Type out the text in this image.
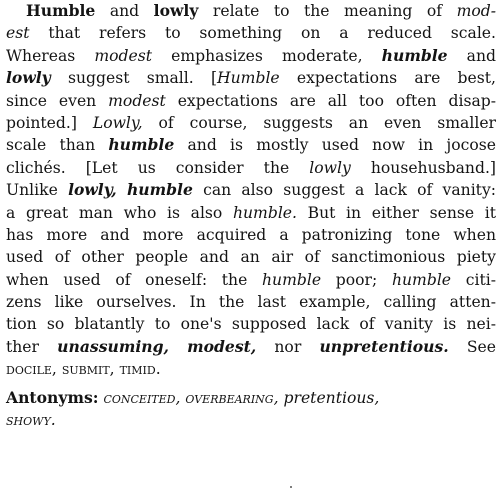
Humble and lowly relate to the meaning of mod-
est that refers to something on a reduced scale.
Whereas modest emphasizes moderate, humble and
lowly suggest small. [Humble expectations are best,
since even modest expectations are all too often disap-
pointed.] Lowly, of course, suggests an even smaller
scale than humble and is mostly used now in jocose
clichés. [Let us consider the lowly househusband.]
Unlike lowly, humble can also suggest a lack of vanity:
a great man who is also humble. But in either sense it
has more and more acquired a patronizing tone when
used of other people and an air of sanctimonious piety
when used of oneself: the humble poor; humble citi-
zens like ourselves. In the last example, calling atten-
tion so blatantly to one's supposed lack of vanity is nei-
ther unassuming, modest, nor unpretentious. See
docile, submit, timid.
Antonyms: conceited, overbearing, pretentious,
showy.
